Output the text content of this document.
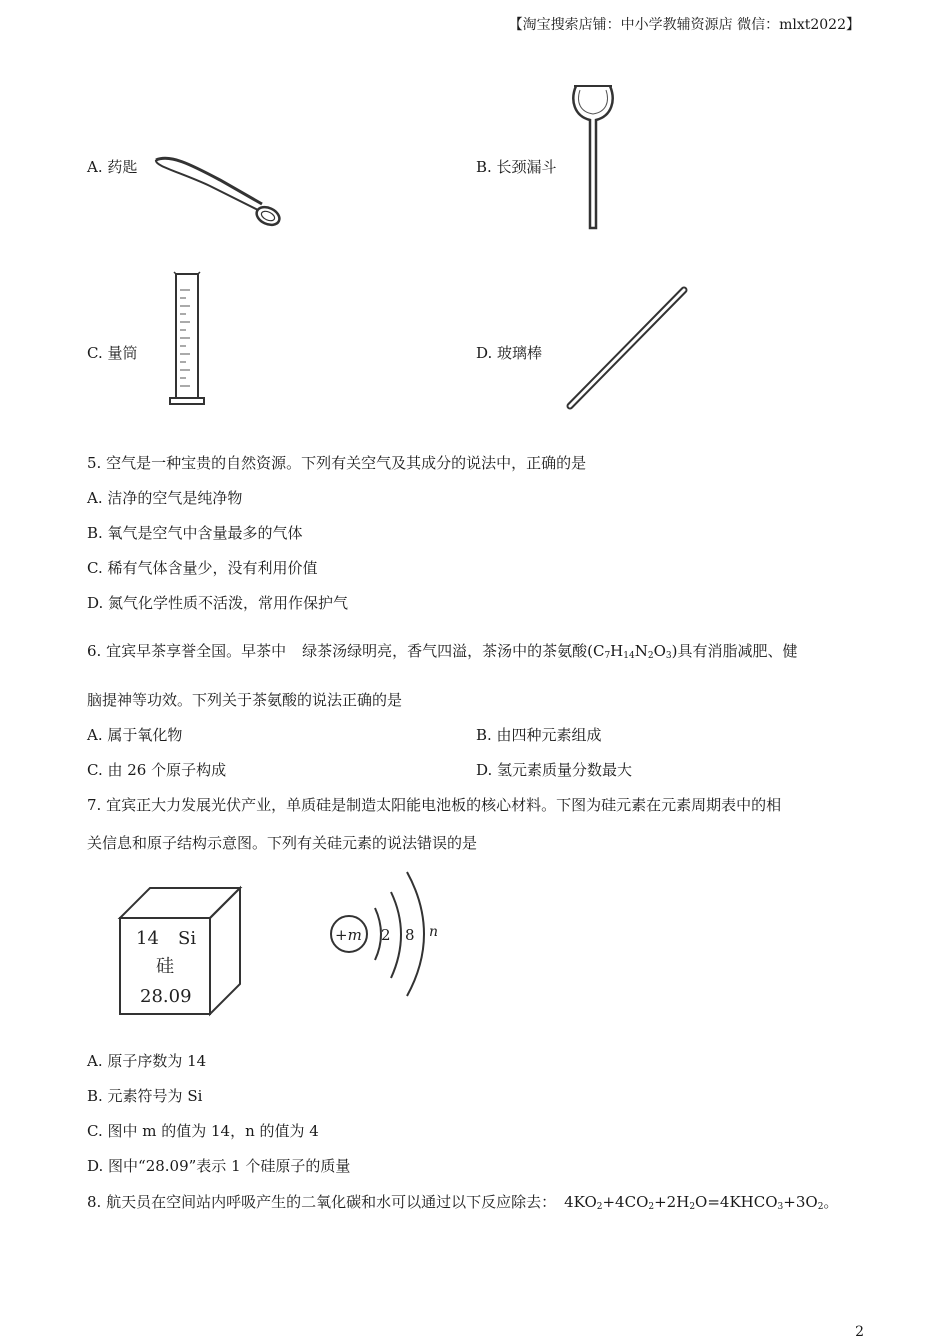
【淘宝搜索店铺：中小学教辅资源店 微信：mlxt2022】
A. 药匙	B. 长颈漏斗
C. 量筒	D. 玻璃棒
5. 空气是一种宝贵的自然资源。下列有关空气及其成分的说法中，正确的是
A. 洁净的空气是纯净物
B. 氧气是空气中含量最多的气体
C. 稀有气体含量少，没有利用价值
D. 氮气化学性质不活泼，常用作保护气
6. 宜宾早茶享誉全国。早茶中 绿茶汤绿明亮，香气四溢，茶汤中的茶氨酸$(C_7H_{14}N_2O_3)$具有消脂减肥、健
脑提神等功效。下列关于茶氨酸的说法正确的是
A. 属于氧化物	B. 由四种元素组成
C. 由 26 个原子构成	D. 氢元素质量分数最大
7. 宜宾正大力发展光伏产业，单质硅是制造太阳能电池板的核心材料。下图为硅元素在元素周期表中的相
关信息和原子结构示意图。下列有关硅元素的说法错误的是
14 Si
硅
28.09
+m 2 8 n
A. 原子序数为 14
B. 元素符号为 Si
C. 图中 m 的值为 14，n 的值为 4
D. 图中“28.09”表示 1 个硅原子的质量
8. 航天员在空间站内呼吸产生的二氧化碳和水可以通过以下反应除去： $4KO_2+4CO_2+2H_2O=4KHCO_3+3O_2$。
2
